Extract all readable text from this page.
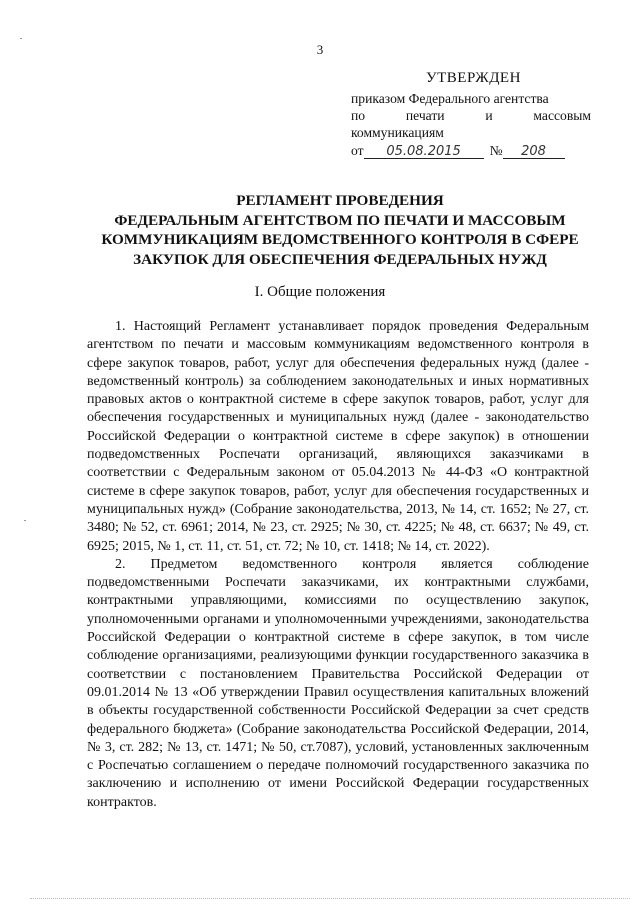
3
УТВЕРЖДЕН
приказом Федерального агентства
по	печати	и	массовым
коммуникациям
от	05.08.2015	№	208
РЕГЛАМЕНТ ПРОВЕДЕНИЯ
ФЕДЕРАЛЬНЫМ АГЕНТСТВОМ ПО ПЕЧАТИ И МАССОВЫМ
КОММУНИКАЦИЯМ ВЕДОМСТВЕННОГО КОНТРОЛЯ В СФЕРЕ
ЗАКУПОК ДЛЯ ОБЕСПЕЧЕНИЯ ФЕДЕРАЛЬНЫХ НУЖД
I. Общие положения

1. Настоящий Регламент устанавливает порядок проведения Федеральным агентством по печати и массовым коммуникациям ведомственного контроля в сфере закупок товаров, работ, услуг для обеспечения федеральных нужд (далее - ведомственный контроль) за соблюдением законодательных и иных нормативных правовых актов о контрактной системе в сфере закупок товаров, работ, услуг для обеспечения государственных и муниципальных нужд (далее - законодательство Российской Федерации о контрактной системе в сфере закупок) в отношении подведомственных Роспечати организаций, являющихся заказчиками в соответствии с Федеральным законом от 05.04.2013 № 44-ФЗ «О контрактной системе в сфере закупок товаров, работ, услуг для обеспечения государственных и муниципальных нужд» (Собрание законодательства, 2013, № 14, ст. 1652; № 27, ст. 3480; № 52, ст. 6961; 2014, № 23, ст. 2925; № 30, ст. 4225; № 48, ст. 6637; № 49, ст. 6925; 2015, № 1, ст. 11, ст. 51, ст. 72; № 10, ст. 1418; № 14, ст. 2022).

2. Предметом ведомственного контроля является соблюдение подведомственными Роспечати заказчиками, их контрактными службами, контрактными управляющими, комиссиями по осуществлению закупок, уполномоченными органами и уполномоченными учреждениями, законодательства Российской Федерации о контрактной системе в сфере закупок, в том числе соблюдение организациями, реализующими функции государственного заказчика в соответствии с постановлением Правительства Российской Федерации от 09.01.2014 № 13 «Об утверждении Правил осуществления капитальных вложений в объекты государственной собственности Российской Федерации за счет средств федерального бюджета» (Собрание законодательства Российской Федерации, 2014, № 3, ст. 282; № 13, ст. 1471; № 50, ст.7087), условий, установленных заключенным с Роспечатью соглашением о передаче полномочий государственного заказчика по заключению и исполнению от имени Российской Федерации государственных контрактов.
